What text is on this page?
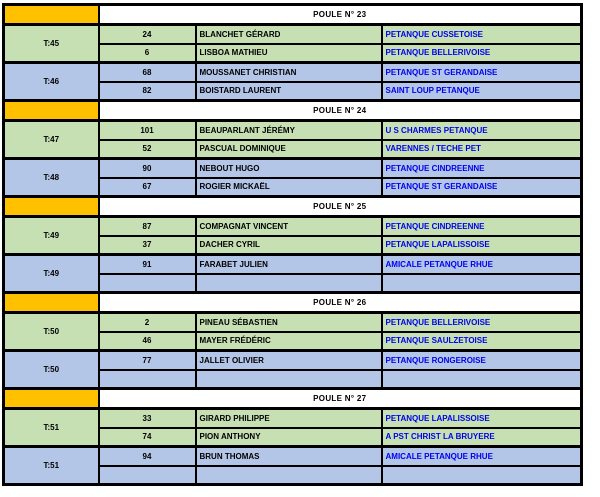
	POULE N° 23		
T:45	24	BLANCHET GÉRARD	PETANQUE CUSSETOISE
	6	LISBOA MATHIEU	PETANQUE BELLERIVOISE
T:46	68	MOUSSANET CHRISTIAN	PETANQUE ST GERANDAISE
	82	BOISTARD LAURENT	SAINT LOUP PETANQUE
	POULE N° 24		
T:47	101	BEAUPARLANT JÉRÉMY	U S CHARMES PETANQUE
	52	PASCUAL DOMINIQUE	VARENNES / TECHE PET
T:48	90	NEBOUT HUGO	PETANQUE CINDREENNE
	67	ROGIER MICKAËL	PETANQUE ST GERANDAISE
	POULE N° 25		
T:49	87	COMPAGNAT VINCENT	PETANQUE CINDREENNE
	37	DACHER CYRIL	PETANQUE LAPALISSOISE
T:49	91	FARABET JULIEN	AMICALE PETANQUE RHUE

	POULE N° 26		
T:50	2	PINEAU SÉBASTIEN	PETANQUE BELLERIVOISE
	46	MAYER FRÉDÉRIC	PETANQUE SAULZETOISE
T:50	77	JALLET OLIVIER	PETANQUE RONGEROISE

	POULE N° 27		
T:51	33	GIRARD PHILIPPE	PETANQUE LAPALISSOISE
	74	PION ANTHONY	A PST CHRIST LA BRUYERE
T:51	94	BRUN THOMAS	AMICALE PETANQUE RHUE
